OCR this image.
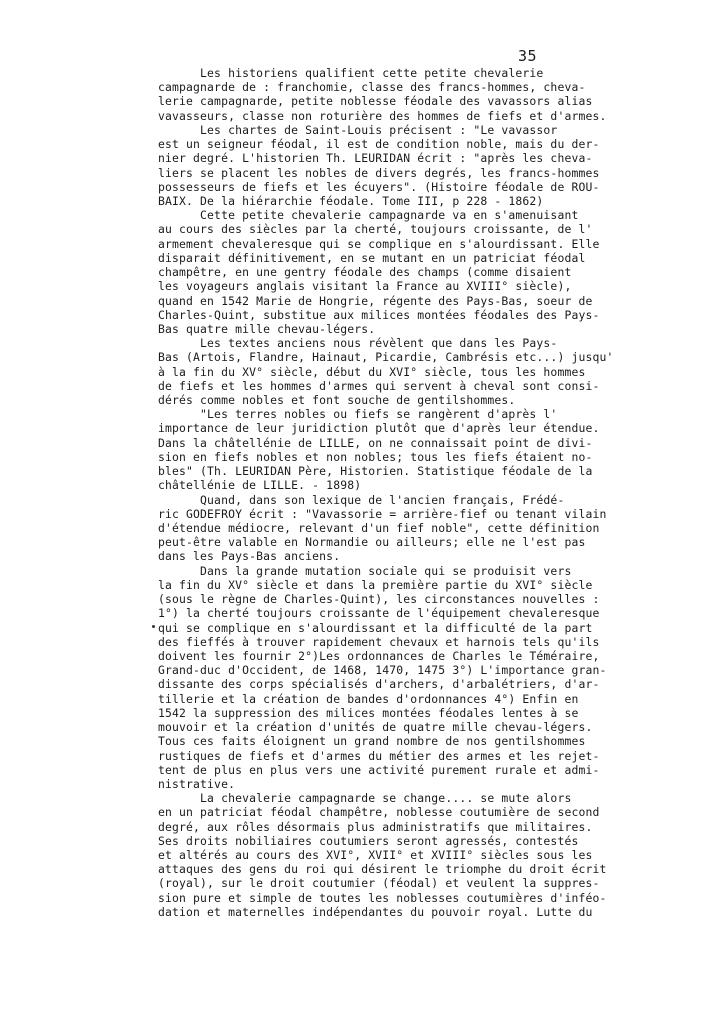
35
Les historiens qualifient cette petite chevalerie
campagnarde de : franchomie, classe des francs-hommes, cheva-
lerie campagnarde, petite noblesse féodale des vavassors alias
vavasseurs, classe non roturière des hommes de fiefs et d'armes.
Les chartes de Saint-Louis précisent : "Le vavassor
est un seigneur féodal, il est de condition noble, mais du der-
nier degré. L'historien Th. LEURIDAN écrit : "après les cheva-
liers se placent les nobles de divers degrés, les francs-hommes
possesseurs de fiefs et les écuyers". (Histoire féodale de ROU-
BAIX. De la hiérarchie féodale. Tome III, p 228 - 1862)
Cette petite chevalerie campagnarde va en s'amenuisant
au cours des siècles par la cherté, toujours croissante, de l'
armement chevaleresque qui se complique en s'alourdissant. Elle
disparait définitivement, en se mutant en un patriciat féodal
champêtre, en une gentry féodale des champs (comme disaient
les voyageurs anglais visitant la France au XVIII° siècle),
quand en 1542 Marie de Hongrie, régente des Pays-Bas, soeur de
Charles-Quint, substitue aux milices montées féodales des Pays-
Bas quatre mille chevau-légers.
Les textes anciens nous révèlent que dans les Pays-
Bas (Artois, Flandre, Hainaut, Picardie, Cambrésis etc...) jusqu'
à la fin du XV° siècle, début du XVI° siècle, tous les hommes
de fiefs et les hommes d'armes qui servent à cheval sont consi-
dérés comme nobles et font souche de gentilshommes.
"Les terres nobles ou fiefs se rangèrent d'après l'
importance de leur juridiction plutôt que d'après leur étendue.
Dans la châtellénie de LILLE, on ne connaissait point de divi-
sion en fiefs nobles et non nobles; tous les fiefs étaient no-
bles" (Th. LEURIDAN Père, Historien. Statistique féodale de la
châtellénie de LILLE. - 1898)
Quand, dans son lexique de l'ancien français, Frédé-
ric GODEFROY écrit : "Vavassorie = arrière-fief ou tenant vilain
d'étendue médiocre, relevant d'un fief noble", cette définition
peut-être valable en Normandie ou ailleurs; elle ne l'est pas
dans les Pays-Bas anciens.
Dans la grande mutation sociale qui se produisit vers
la fin du XV° siècle et dans la première partie du XVI° siècle
(sous le règne de Charles-Quint), les circonstances nouvelles :
1°) la cherté toujours croissante de l'équipement chevaleresque
qui se complique en s'alourdissant et la difficulté de la part
des fieffés à trouver rapidement chevaux et harnois tels qu'ils
doivent les fournir 2°)Les ordonnances de Charles le Téméraire,
Grand-duc d'Occident, de 1468, 1470, 1475 3°) L'importance gran-
dissante des corps spécialisés d'archers, d'arbalétriers, d'ar-
tillerie et la création de bandes d'ordonnances 4°) Enfin en
1542 la suppression des milices montées féodales lentes à se
mouvoir et la création d'unités de quatre mille chevau-légers.
Tous ces faits éloignent un grand nombre de nos gentilshommes
rustiques de fiefs et d'armes du métier des armes et les rejet-
tent de plus en plus vers une activité purement rurale et admi-
nistrative.
La chevalerie campagnarde se change.... se mute alors
en un patriciat féodal champêtre, noblesse coutumière de second
degré, aux rôles désormais plus administratifs que militaires.
Ses droits nobiliaires coutumiers seront agressés, contestés
et altérés au cours des XVI°, XVII° et XVIII° siècles sous les
attaques des gens du roi qui désirent le triomphe du droit écrit
(royal), sur le droit coutumier (féodal) et veulent la suppres-
sion pure et simple de toutes les noblesses coutumières d'inféo-
dation et maternelles indépendantes du pouvoir royal. Lutte du
